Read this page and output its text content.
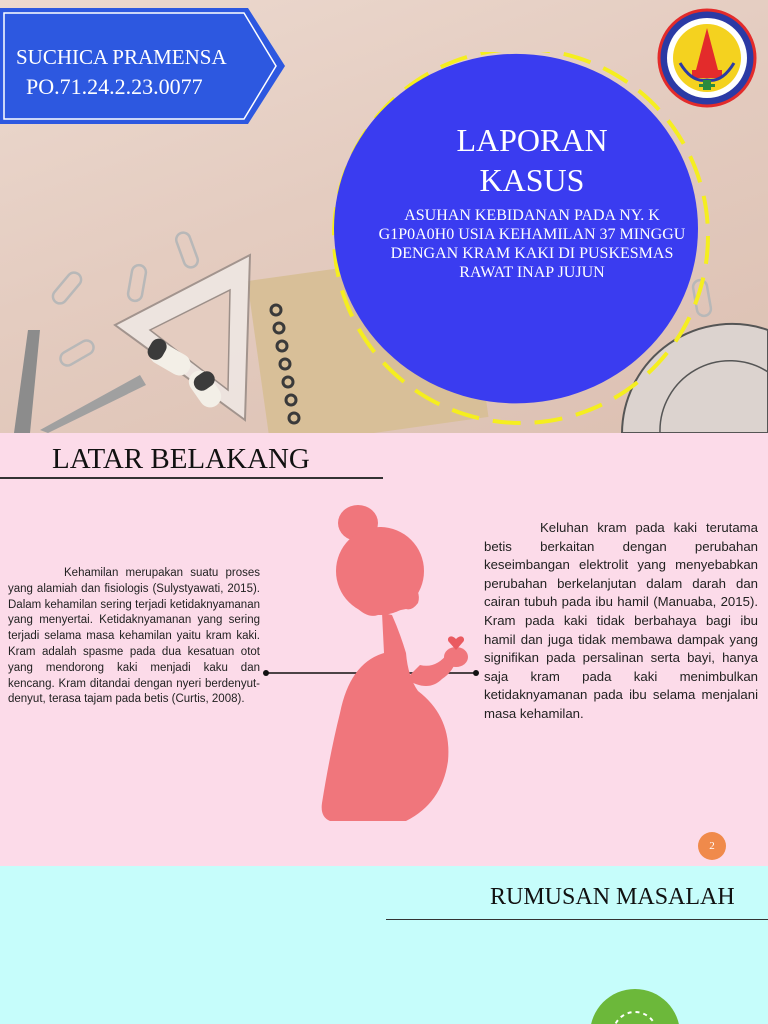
SUCHICA PRAMENSA
PO.71.24.2.23.0077
LAPORAN
KASUS
ASUHAN KEBIDANAN PADA NY. K G1P0A0H0 USIA KEHAMILAN 37 MINGGU DENGAN KRAM KAKI DI PUSKESMAS RAWAT INAP JUJUN
LATAR BELAKANG

Kehamilan merupakan suatu proses yang alamiah dan fisiologis (Sulystyawati, 2015). Dalam kehamilan sering terjadi ketidaknyamanan yang menyertai. Ketidaknyamanan yang sering terjadi selama masa kehamilan yaitu kram kaki. Kram adalah spasme pada dua kesatuan otot yang mendorong kaki menjadi kaku dan kencang. Kram ditandai dengan nyeri berdenyut-denyut, terasa tajam pada betis (Curtis, 2008).

Keluhan kram pada kaki terutama betis berkaitan dengan perubahan keseimbangan elektrolit yang menyebabkan perubahan berkelanjutan dalam darah dan cairan tubuh pada ibu hamil (Manuaba, 2015). Kram pada kaki tidak berbahaya bagi ibu hamil dan juga tidak membawa dampak yang signifikan pada persalinan serta bayi, hanya saja kram pada kaki menimbulkan ketidaknyamanan pada ibu selama menjalani masa kehamilan.

2
RUMUSAN MASALAH
